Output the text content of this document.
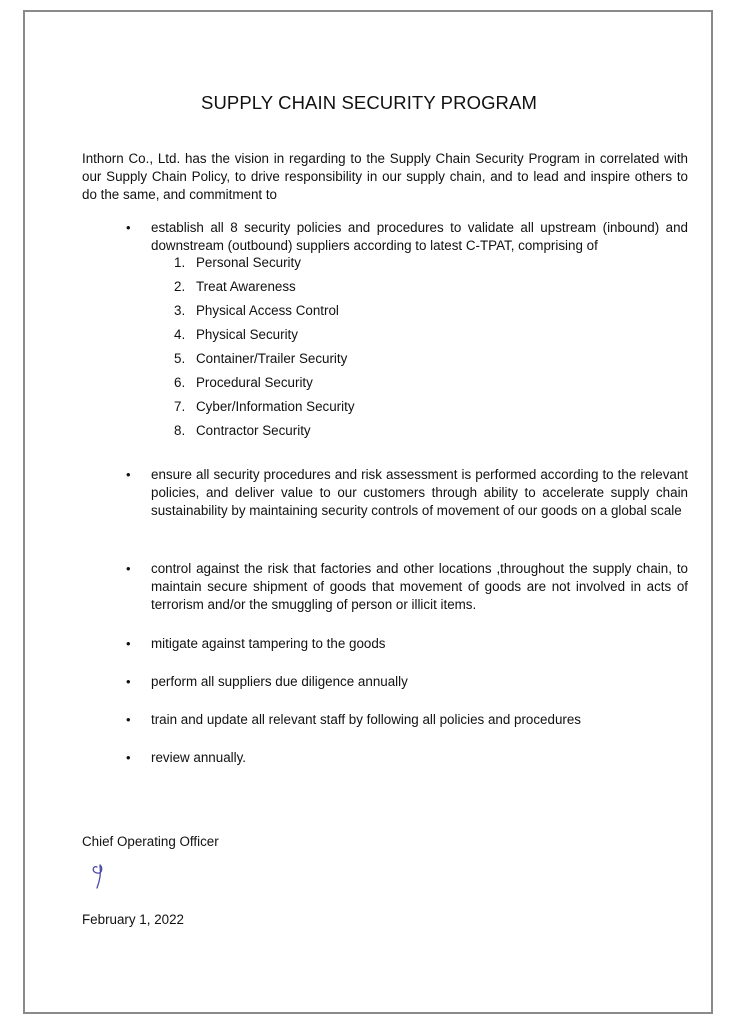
SUPPLY CHAIN SECURITY PROGRAM

Inthorn Co., Ltd. has the vision in regarding to the Supply Chain Security Program in correlated with our Supply Chain Policy, to drive responsibility in our supply chain, and to lead and inspire others to do the same, and commitment to

•	establish all 8 security policies and procedures to validate all upstream (inbound) and downstream (outbound) suppliers according to latest C-TPAT, comprising of
1. Personal Security
2. Treat Awareness
3. Physical Access Control
4. Physical Security
5. Container/Trailer Security
6. Procedural Security
7. Cyber/Information Security
8. Contractor Security
•	ensure all security procedures and risk assessment is performed according to the relevant policies, and deliver value to our customers through ability to accelerate supply chain sustainability by maintaining security controls of movement of our goods on a global scale
•	control against the risk that factories and other locations ,throughout the supply chain, to maintain secure shipment of goods that movement of goods are not involved in acts of terrorism and/or the smuggling of person or illicit items.
•	mitigate against tampering to the goods
•	perform all suppliers due diligence annually
•	train and update all relevant staff by following all policies and procedures
•	review annually.
Chief Operating Officer
February 1, 2022
